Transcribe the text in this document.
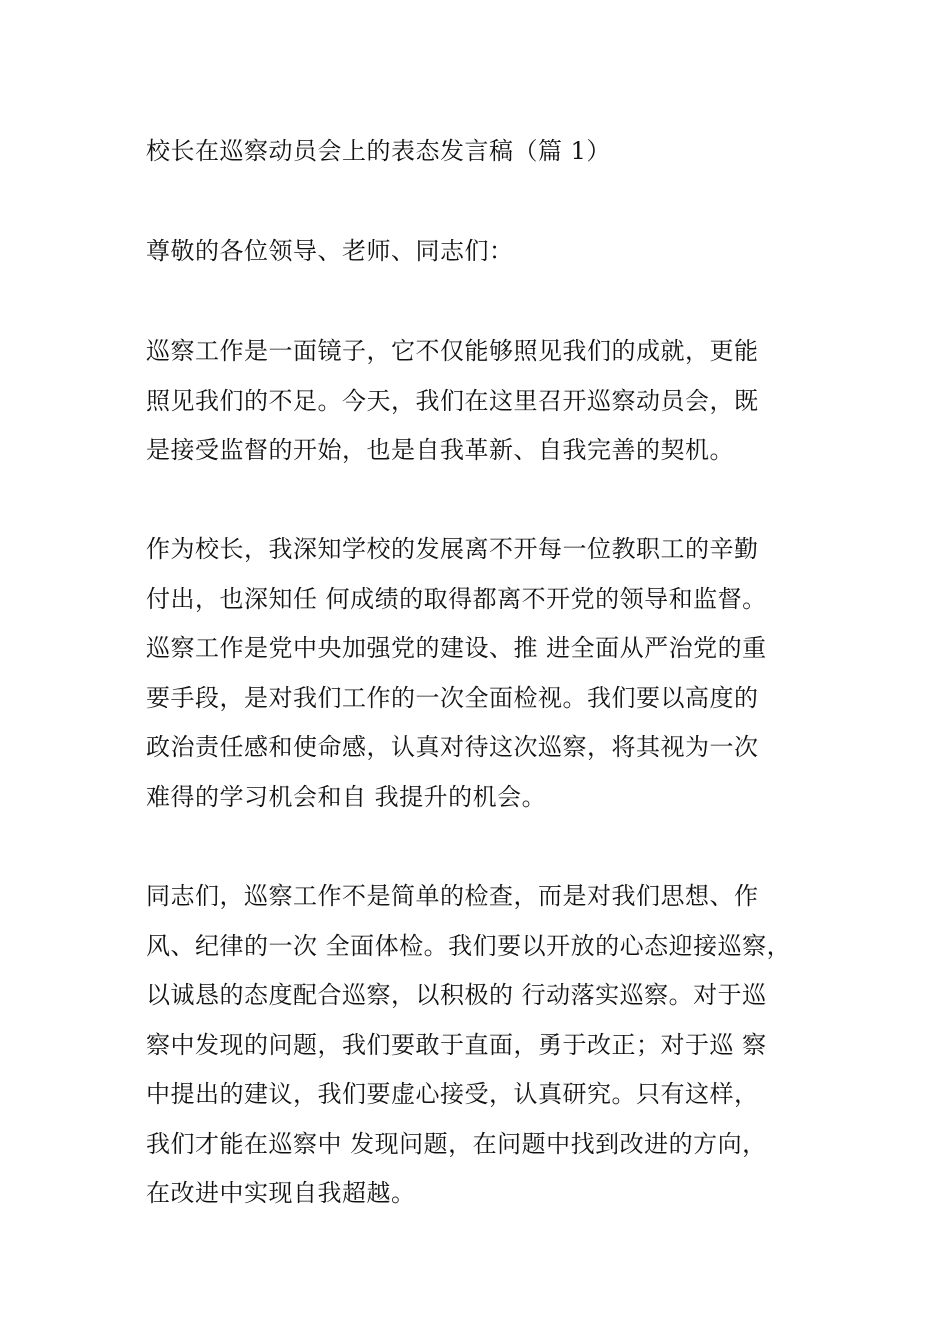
校长在巡察动员会上的表态发言稿（篇 1）
尊敬的各位领导、老师、同志们：
巡察工作是一面镜子，它不仅能够照见我们的成就，更能
照见我们的不足。今天，我们在这里召开巡察动员会，既
是接受监督的开始，也是自我革新、自我完善的契机。
作为校长，我深知学校的发展离不开每一位教职工的辛勤
付出，也深知任 何成绩的取得都离不开党的领导和监督。
巡察工作是党中央加强党的建设、推 进全面从严治党的重
要手段，是对我们工作的一次全面检视。我们要以高度的
政治责任感和使命感，认真对待这次巡察，将其视为一次
难得的学习机会和自 我提升的机会。
同志们，巡察工作不是简单的检查，而是对我们思想、作
风、纪律的一次 全面体检。我们要以开放的心态迎接巡察，
以诚恳的态度配合巡察，以积极的 行动落实巡察。对于巡
察中发现的问题，我们要敢于直面，勇于改正；对于巡 察
中提出的建议，我们要虚心接受，认真研究。只有这样，
我们才能在巡察中 发现问题，在问题中找到改进的方向，
在改进中实现自我超越。
